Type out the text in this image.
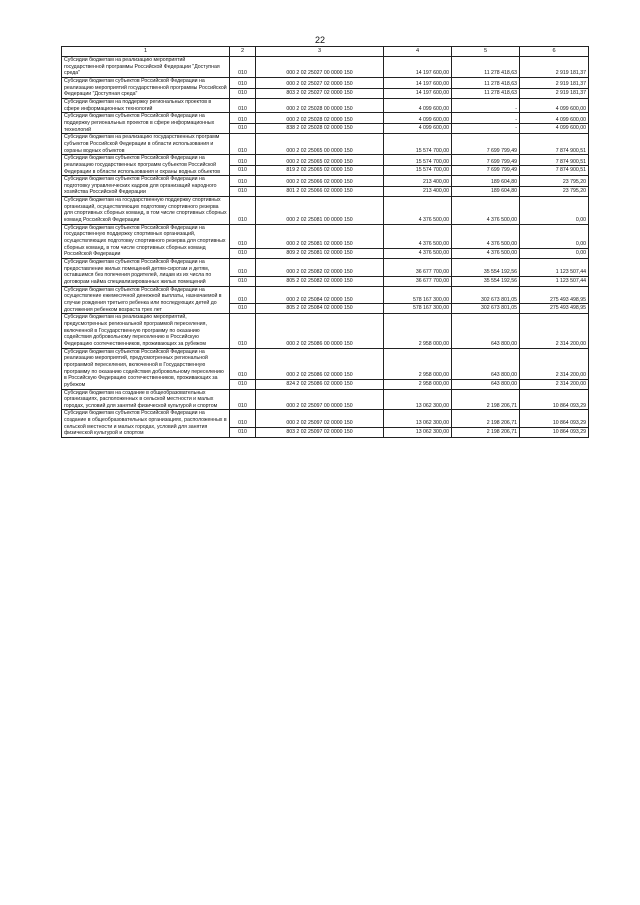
22
1	2	3	4	5	6
Субсидии бюджетам на реализацию мероприятий государственной программы Российской Федерации "Доступная среда"	010	000 2 02 25027 00 0000 150	14 197 600,00	11 278 418,63	2 919 181,37
Субсидии бюджетам субъектов Российской Федерации на реализацию мероприятий государственной программы Российской Федерации "Доступная среда"	010	000 2 02 25027 02 0000 150	14 197 600,00	11 278 418,63	2 919 181,37
	010	803 2 02 25027 02 0000 150	14 197 600,00	11 278 418,63	2 919 181,37
Субсидии бюджетам на поддержку региональных проектов в сфере информационных технологий	010	000 2 02 25028 00 0000 150	4 099 600,00	-	4 099 600,00
Субсидии бюджетам субъектов Российской Федерации на поддержку региональных проектов в сфере информационных технологий	010	000 2 02 25028 02 0000 150	4 099 600,00	-	4 099 600,00
	010	838 2 02 25028 02 0000 150	4 099 600,00	-	4 099 600,00
Субсидии бюджетам на реализацию государственных программ субъектов Российской Федерации в области использования и охраны водных объектов	010	000 2 02 25065 00 0000 150	15 574 700,00	7 699 799,49	7 874 900,51
Субсидии бюджетам субъектов Российской Федерации на реализацию государственных программ субъектов Российской Федерации в области использования и охраны водных объектов	010	000 2 02 25065 02 0000 150	15 574 700,00	7 699 799,49	7 874 900,51
	010	819 2 02 25065 02 0000 150	15 574 700,00	7 699 799,49	7 874 900,51
Субсидии бюджетам субъектов Российской Федерации на подготовку управленческих кадров для организаций народного хозяйства Российской Федерации	010	000 2 02 25066 02 0000 150	213 400,00	189 604,80	23 795,20
	010	801 2 02 25066 02 0000 150	213 400,00	189 604,80	23 795,20
Субсидии бюджетам на государственную поддержку спортивных организаций, осуществляющих подготовку спортивного резерва для спортивных сборных команд, в том числе спортивных сборных команд Российской Федерации	010	000 2 02 25081 00 0000 150	4 376 500,00	4 376 500,00	0,00
Субсидии бюджетам субъектов Российской Федерации на государственную поддержку спортивных организаций, осуществляющих подготовку спортивного резерва для спортивных сборных команд, в том числе спортивных сборных команд Российской Федерации	010	000 2 02 25081 02 0000 150	4 376 500,00	4 376 500,00	0,00
	010	809 2 02 25081 02 0000 150	4 376 500,00	4 376 500,00	0,00
Субсидии бюджетам субъектов Российской Федерации на предоставление жилых помещений детям-сиротам и детям, оставшимся без попечения родителей, лицам из их числа по договорам найма специализированных жилых помещений	010	000 2 02 25082 02 0000 150	36 677 700,00	35 554 192,56	1 123 507,44
	010	805 2 02 25082 02 0000 150	36 677 700,00	35 554 192,56	1 123 507,44
Субсидии бюджетам субъектов Российской Федерации на осуществление ежемесячной денежной выплаты, назначаемой в случае рождения третьего ребенка или последующих детей до достижения ребенком возраста трех лет	010	000 2 02 25084 02 0000 150	578 167 300,00	302 673 801,05	275 493 498,95
	010	805 2 02 25084 02 0000 150	578 167 300,00	302 673 801,05	275 493 498,95
Субсидии бюджетам на реализацию мероприятий, предусмотренных региональной программой переселения, включенной в Государственную программу по оказанию содействия добровольному переселению в Российскую Федерацию соотечественников, проживающих за рубежом	010	000 2 02 25086 00 0000 150	2 958 000,00	643 800,00	2 314 200,00
Субсидии бюджетам субъектов Российской Федерации на реализацию мероприятий, предусмотренных региональной программой переселения, включенной в Государственную программу по оказанию содействия добровольному переселению в Российскую Федерацию соотечественников, проживающих за рубежом	010	000 2 02 25086 02 0000 150	2 958 000,00	643 800,00	2 314 200,00
	010	824 2 02 25086 02 0000 150	2 958 000,00	643 800,00	2 314 200,00
Субсидии бюджетам на создание в общеобразовательных организациях, расположенных в сельской местности и малых городах, условий для занятий физической культурой и спортом	010	000 2 02 25097 00 0000 150	13 062 300,00	2 198 206,71	10 864 093,29
Субсидии бюджетам субъектов Российской Федерации на создание в общеобразовательных организациях, расположенных в сельской местности и малых городах, условий для занятия физической культурой и спортом	010	000 2 02 25097 02 0000 150	13 062 300,00	2 198 206,71	10 864 093,29
	010	803 2 02 25097 02 0000 150	13 062 300,00	2 198 206,71	10 864 093,29
